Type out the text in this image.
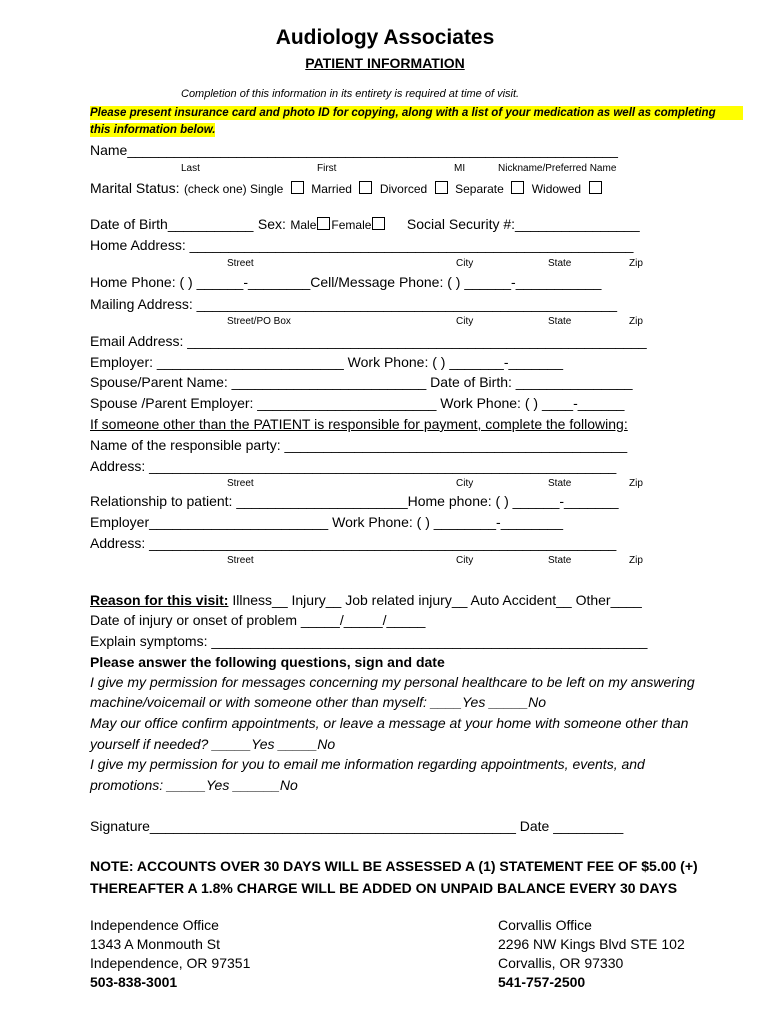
Audiology Associates
PATIENT INFORMATION
Completion of this information in its entirety is required at time of visit.
Please present insurance card and photo ID for copying, along with a list of your medication as well as completing
this information below.
Name_______________________________________________________________
Last	First	MI	Nickname/Preferred Name
Marital Status: (check one) Single Married Divorced Separate Widowed
Date of Birth___________ Sex: Male Female	Social Security #:________________
Home Address: _________________________________________________________
Street	City	State	Zip
Home Phone: ( ) ______-________Cell/Message Phone: ( ) ______-___________
Mailing Address: ______________________________________________________
Street/PO Box	City	State	Zip
Email Address: ___________________________________________________________
Employer: ________________________ Work Phone: ( ) _______-_______
Spouse/Parent Name: _________________________ Date of Birth: _______________
Spouse /Parent Employer: _______________________ Work Phone: ( ) ____-______
If someone other than the PATIENT is responsible for payment, complete the following:
Name of the responsible party: ____________________________________________
Address: ____________________________________________________________
Street	City	State	Zip
Relationship to patient: ______________________Home phone: ( ) ______-_______
Employer_______________________ Work Phone: ( ) ________-________
Address: ____________________________________________________________
Street	City	State	Zip
Reason for this visit: Illness__ Injury__ Job related injury__ Auto Accident__ Other____
Date of injury or onset of problem _____/_____/_____
Explain symptoms: ________________________________________________________
Please answer the following questions, sign and date
I give my permission for messages concerning my personal healthcare to be left on my answering
machine/voicemail or with someone other than myself: ____Yes _____No
May our office confirm appointments, or leave a message at your home with someone other than
yourself if needed? _____Yes _____No
I give my permission for you to email me information regarding appointments, events, and
promotions: _____Yes ______No
Signature_______________________________________________ Date _________
NOTE: ACCOUNTS OVER 30 DAYS WILL BE ASSESSED A (1) STATEMENT FEE OF $5.00 (+)
THEREAFTER A 1.8% CHARGE WILL BE ADDED ON UNPAID BALANCE EVERY 30 DAYS
Independence Office
1343 A Monmouth St
Independence, OR 97351
503-838-3001
Corvallis Office
2296 NW Kings Blvd STE 102
Corvallis, OR 97330
541-757-2500
